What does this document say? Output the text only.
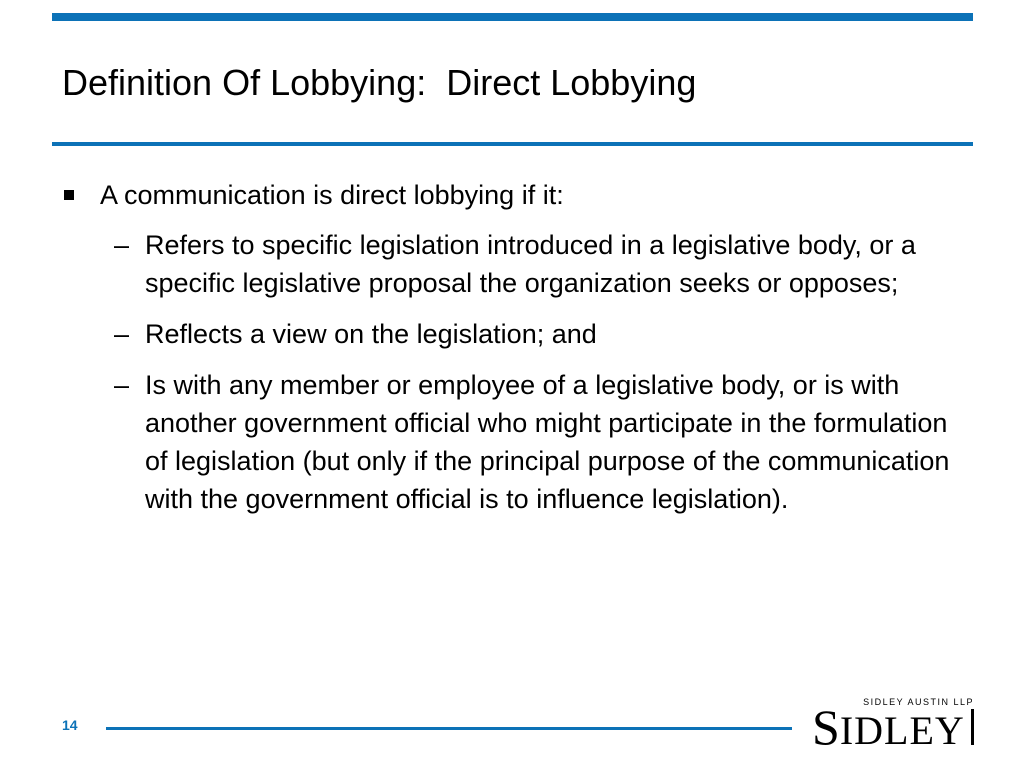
Definition Of Lobbying:  Direct Lobbying
A communication is direct lobbying if it:
– Refers to specific legislation introduced in a legislative body, or a specific legislative proposal the organization seeks or opposes;
– Reflects a view on the legislation; and
– Is with any member or employee of a legislative body, or is with another government official who might participate in the formulation of legislation (but only if the principal purpose of the communication with the government official is to influence legislation).
14
SIDLEY AUSTIN LLP
SIDLEY
